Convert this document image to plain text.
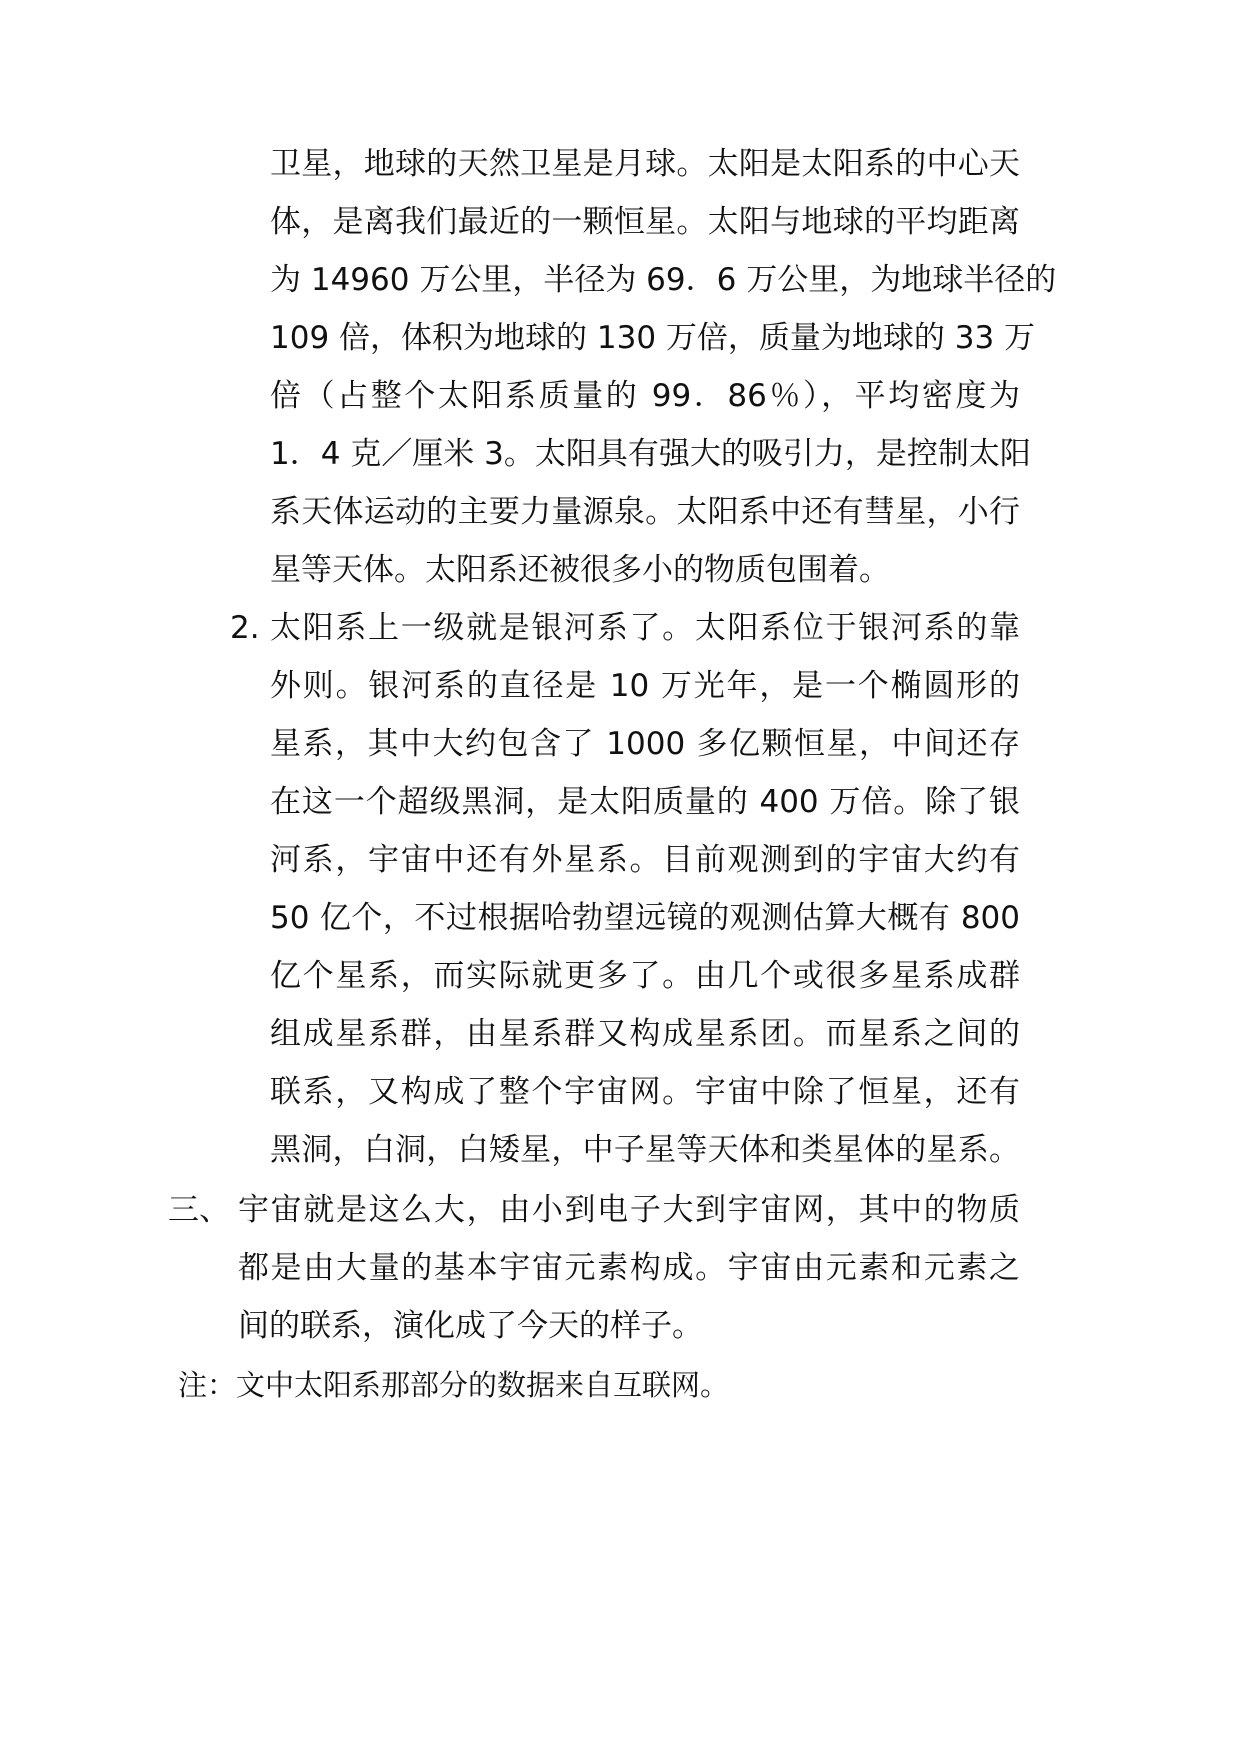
卫星，地球的天然卫星是月球。太阳是太阳系的中心天
体，是离我们最近的一颗恒星。太阳与地球的平均距离
为 14960 万公里，半径为 69．6 万公里，为地球半径的
109 倍，体积为地球的 130 万倍，质量为地球的 33 万
倍（占整个太阳系质量的 99．86％），平均密度为
1．4 克／厘米 3。太阳具有强大的吸引力，是控制太阳
系天体运动的主要力量源泉。太阳系中还有彗星，小行
星等天体。太阳系还被很多小的物质包围着。
2. 太阳系上一级就是银河系了。太阳系位于银河系的靠
外则。银河系的直径是 10 万光年，是一个椭圆形的
星系，其中大约包含了 1000 多亿颗恒星，中间还存
在这一个超级黑洞，是太阳质量的 400 万倍。除了银
河系，宇宙中还有外星系。目前观测到的宇宙大约有
50 亿个，不过根据哈勃望远镜的观测估算大概有 800
亿个星系，而实际就更多了。由几个或很多星系成群
组成星系群，由星系群又构成星系团。而星系之间的
联系，又构成了整个宇宙网。宇宙中除了恒星，还有
黑洞，白洞，白矮星，中子星等天体和类星体的星系。
三、 宇宙就是这么大，由小到电子大到宇宙网，其中的物质
都是由大量的基本宇宙元素构成。宇宙由元素和元素之
间的联系，演化成了今天的样子。
注：文中太阳系那部分的数据来自互联网。
